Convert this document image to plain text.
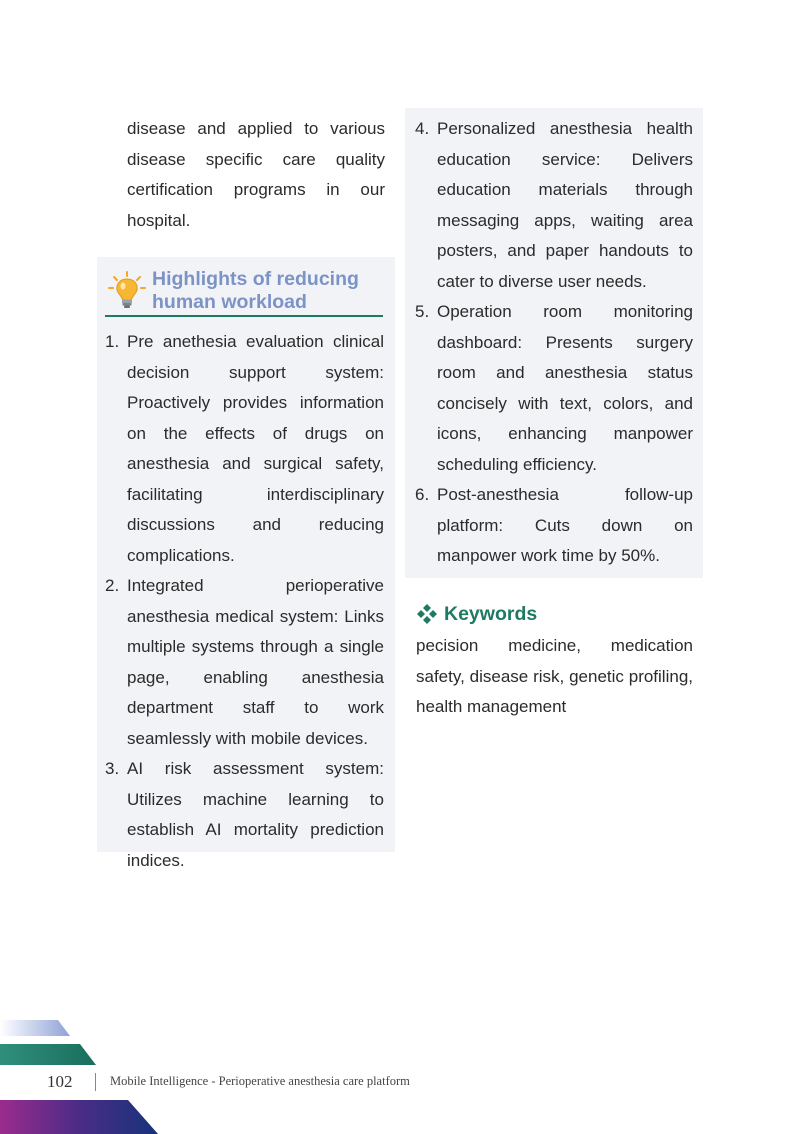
disease and applied to various disease specific care quality certification programs in our hospital.

Highlights of reducing human workload
1. Pre anethesia evaluation clinical decision support system: Proactively provides information on the effects of drugs on anesthesia and surgical safety, facilitating interdisciplinary discussions and reducing complications.
2. Integrated perioperative anesthesia medical system: Links multiple systems through a single page, enabling anesthesia department staff to work seamlessly with mobile devices.
3. AI risk assessment system: Utilizes machine learning to establish AI mortality prediction indices.
4. Personalized anesthesia health education service: Delivers education materials through messaging apps, waiting area posters, and paper handouts to cater to diverse user needs.
5. Operation room monitoring dashboard: Presents surgery room and anesthesia status concisely with text, colors, and icons, enhancing manpower scheduling efficiency.
6. Post-anesthesia follow-up platform: Cuts down on manpower work time by 50%.
Keywords

pecision medicine, medication safety, disease risk, genetic profiling, health management

102	Mobile Intelligence - Perioperative anesthesia care platform
